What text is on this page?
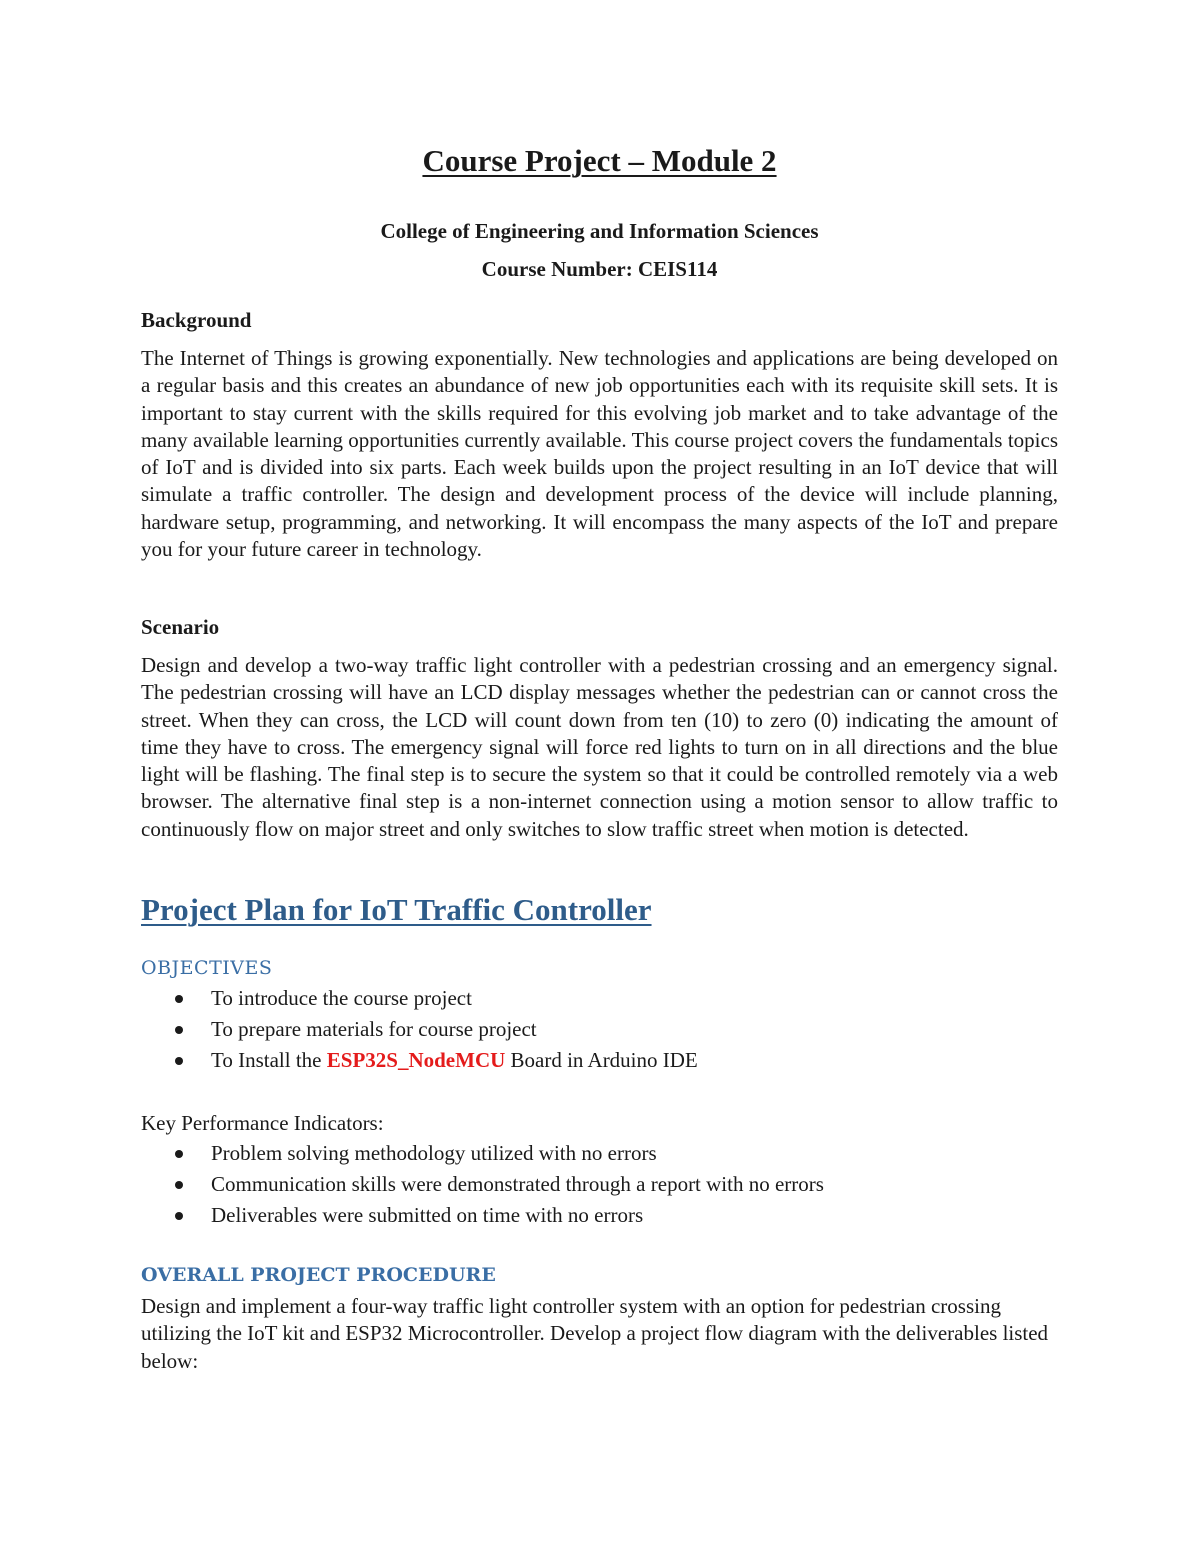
Course Project – Module 2
College of Engineering and Information Sciences
Course Number: CEIS114
Background
The Internet of Things is growing exponentially. New technologies and applications are being developed on a regular basis and this creates an abundance of new job opportunities each with its requisite skill sets. It is important to stay current with the skills required for this evolving job market and to take advantage of the many available learning opportunities currently available. This course project covers the fundamentals topics of IoT and is divided into six parts. Each week builds upon the project resulting in an IoT device that will simulate a traffic controller. The design and development process of the device will include planning, hardware setup, programming, and networking. It will encompass the many aspects of the IoT and prepare you for your future career in technology.
Scenario
Design and develop a two-way traffic light controller with a pedestrian crossing and an emergency signal. The pedestrian crossing will have an LCD display messages whether the pedestrian can or cannot cross the street. When they can cross, the LCD will count down from ten (10) to zero (0) indicating the amount of time they have to cross. The emergency signal will force red lights to turn on in all directions and the blue light will be flashing. The final step is to secure the system so that it could be controlled remotely via a web browser. The alternative final step is a non-internet connection using a motion sensor to allow traffic to continuously flow on major street and only switches to slow traffic street when motion is detected.
Project Plan for IoT Traffic Controller
OBJECTIVES
To introduce the course project
To prepare materials for course project
To Install the ESP32S_NodeMCU Board in Arduino IDE
Key Performance Indicators:
Problem solving methodology utilized with no errors
Communication skills were demonstrated through a report with no errors
Deliverables were submitted on time with no errors
OVERALL PROJECT PROCEDURE
Design and implement a four-way traffic light controller system with an option for pedestrian crossing utilizing the IoT kit and ESP32 Microcontroller. Develop a project flow diagram with the deliverables listed below:
